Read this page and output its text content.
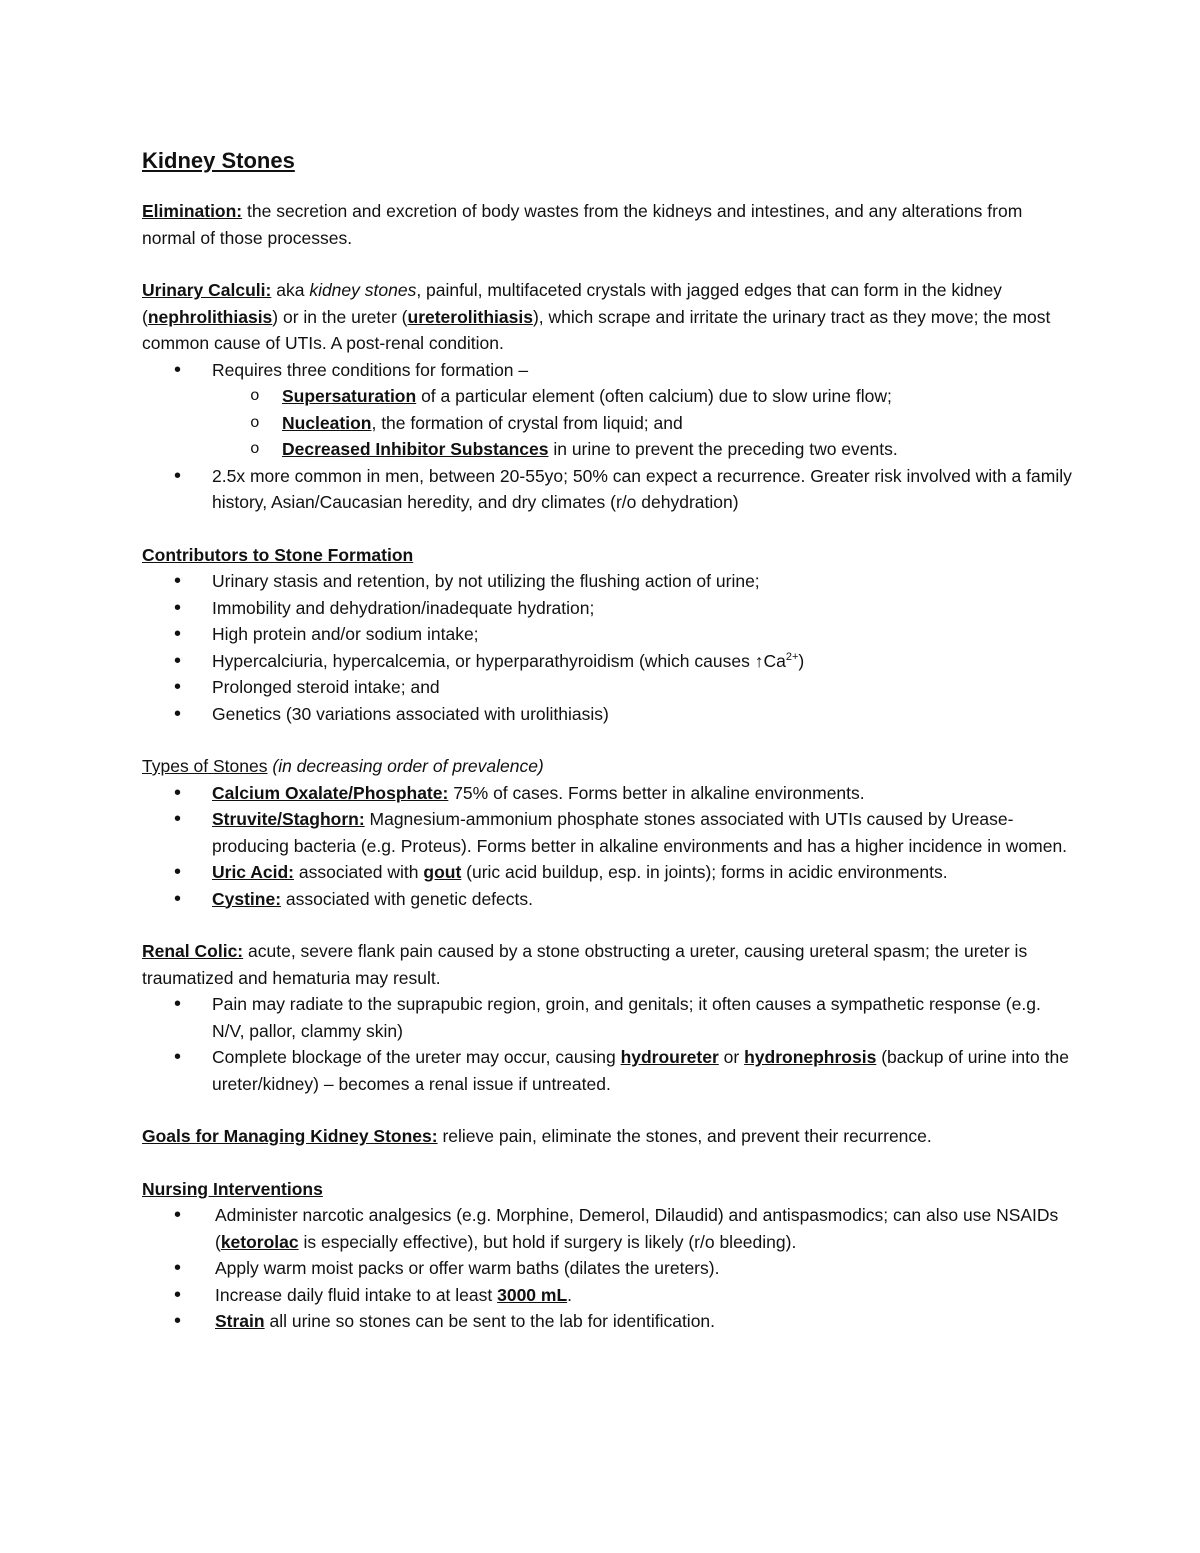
Kidney Stones

Elimination: the secretion and excretion of body wastes from the kidneys and intestines, and any alterations from normal of those processes.

Urinary Calculi: aka kidney stones, painful, multifaceted crystals with jagged edges that can form in the kidney (nephrolithiasis) or in the ureter (ureterolithiasis), which scrape and irritate the urinary tract as they move; the most common cause of UTIs. A post-renal condition.

• Requires three conditions for formation –
o Supersaturation of a particular element (often calcium) due to slow urine flow;
o Nucleation, the formation of crystal from liquid; and
o Decreased Inhibitor Substances in urine to prevent the preceding two events.
• 2.5x more common in men, between 20-55yo; 50% can expect a recurrence. Greater risk involved with a family history, Asian/Caucasian heredity, and dry climates (r/o dehydration)

Contributors to Stone Formation

• Urinary stasis and retention, by not utilizing the flushing action of urine;
• Immobility and dehydration/inadequate hydration;
• High protein and/or sodium intake;
• Hypercalciuria, hypercalcemia, or hyperparathyroidism (which causes $↑Ca^{2+}$)
• Prolonged steroid intake; and
• Genetics (30 variations associated with urolithiasis)

Types of Stones (in decreasing order of prevalence)

• Calcium Oxalate/Phosphate: 75% of cases. Forms better in alkaline environments.
• Struvite/Staghorn: Magnesium-ammonium phosphate stones associated with UTIs caused by Urease-producing bacteria (e.g. Proteus). Forms better in alkaline environments and has a higher incidence in women.
• Uric Acid: associated with gout (uric acid buildup, esp. in joints); forms in acidic environments.
• Cystine: associated with genetic defects.

Renal Colic: acute, severe flank pain caused by a stone obstructing a ureter, causing ureteral spasm; the ureter is traumatized and hematuria may result.

• Pain may radiate to the suprapubic region, groin, and genitals; it often causes a sympathetic response (e.g. N/V, pallor, clammy skin)
• Complete blockage of the ureter may occur, causing hydroureter or hydronephrosis (backup of urine into the ureter/kidney) – becomes a renal issue if untreated.

Goals for Managing Kidney Stones: relieve pain, eliminate the stones, and prevent their recurrence.

Nursing Interventions

• Administer narcotic analgesics (e.g. Morphine, Demerol, Dilaudid) and antispasmodics; can also use NSAIDs (ketorolac is especially effective), but hold if surgery is likely (r/o bleeding).
• Apply warm moist packs or offer warm baths (dilates the ureters).
• Increase daily fluid intake to at least 3000 mL.
• Strain all urine so stones can be sent to the lab for identification.
